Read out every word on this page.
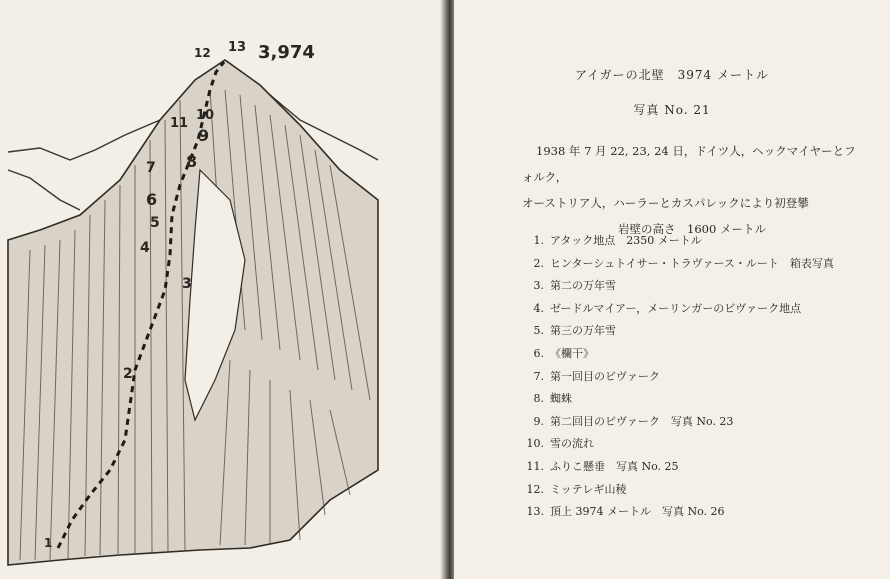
3,974
1
2
3
4
5
6
7 8
9
10
11
12 13
アイガーの北壁　3974 メートル
写真 No. 21

1938 年 7 月 22, 23, 24 日，ドイツ人，ヘックマイヤーとフォルク，

オーストリア人，ハーラーとカスパレックにより初登攀

岩壁の高さ　1600 メートル

1. アタック地点　2350 メートル
2. ヒンターシュトイサー・トラヴァース・ルート　箱表写真
3. 第二の万年雪
4. ゼードルマイアー，メーリンガーのビヴァーク地点
5. 第三の万年雪
6. 《欄干》
7. 第一回目のビヴァーク
8. 蜘蛛
9. 第二回目のビヴァーク　写真 No. 23
10. 雪の流れ
11. ふりこ懸垂　写真 No. 25
12. ミッテレギ山稜
13. 頂上 3974 メートル　写真 No. 26
